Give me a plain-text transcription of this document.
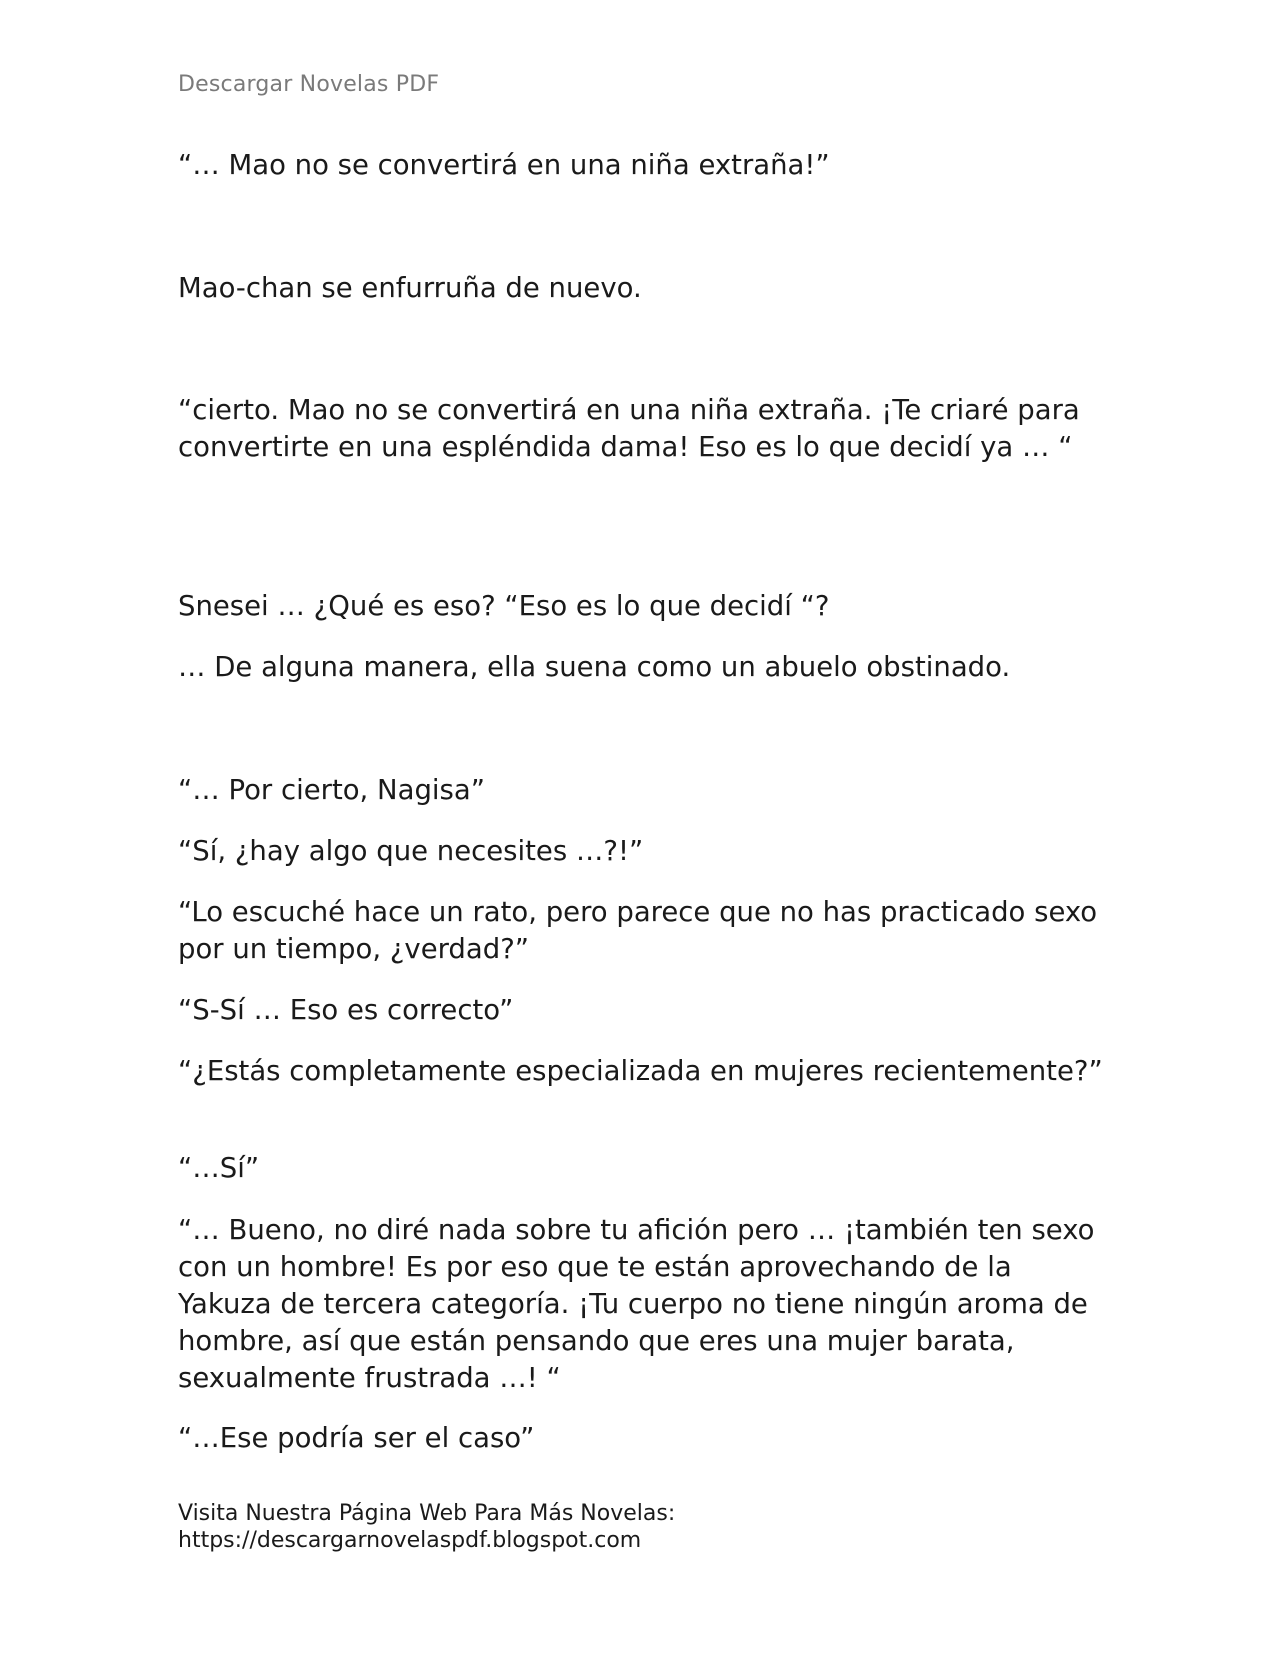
Descargar Novelas PDF

“… Mao no se convertirá en una niña extraña!”

Mao-chan se enfurruña de nuevo.

“cierto. Mao no se convertirá en una niña extraña. ¡Te criaré para convertirte en una espléndida dama! Eso es lo que decidí ya … “

Snesei … ¿Qué es eso? “Eso es lo que decidí “?

… De alguna manera, ella suena como un abuelo obstinado.

“… Por cierto, Nagisa”

“Sí, ¿hay algo que necesites …?!”

“Lo escuché hace un rato, pero parece que no has practicado sexo por un tiempo, ¿verdad?”

“S-Sí … Eso es correcto”

“¿Estás completamente especializada en mujeres recientemente?”

“…Sí”

“… Bueno, no diré nada sobre tu afición pero … ¡también ten sexo con un hombre! Es por eso que te están aprovechando de la Yakuza de tercera categoría. ¡Tu cuerpo no tiene ningún aroma de hombre, así que están pensando que eres una mujer barata, sexualmente frustrada …! “

“…Ese podría ser el caso”

Visita Nuestra Página Web Para Más Novelas:
https://descargarnovelaspdf.blogspot.com
